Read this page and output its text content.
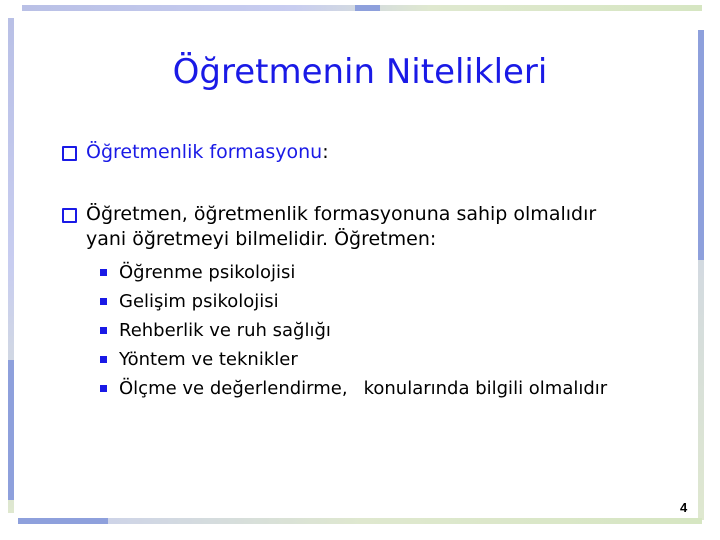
Öğretmenin Nitelikleri
Öğretmenlik formasyonu:
Öğretmen, öğretmenlik formasyonuna sahip olmalıdır
yani öğretmeyi bilmelidir. Öğretmen:
Öğrenme psikolojisi
Gelişim psikolojisi
Rehberlik ve ruh sağlığı
Yöntem ve teknikler
Ölçme ve değerlendirme, konularında bilgili olmalıdır
4
